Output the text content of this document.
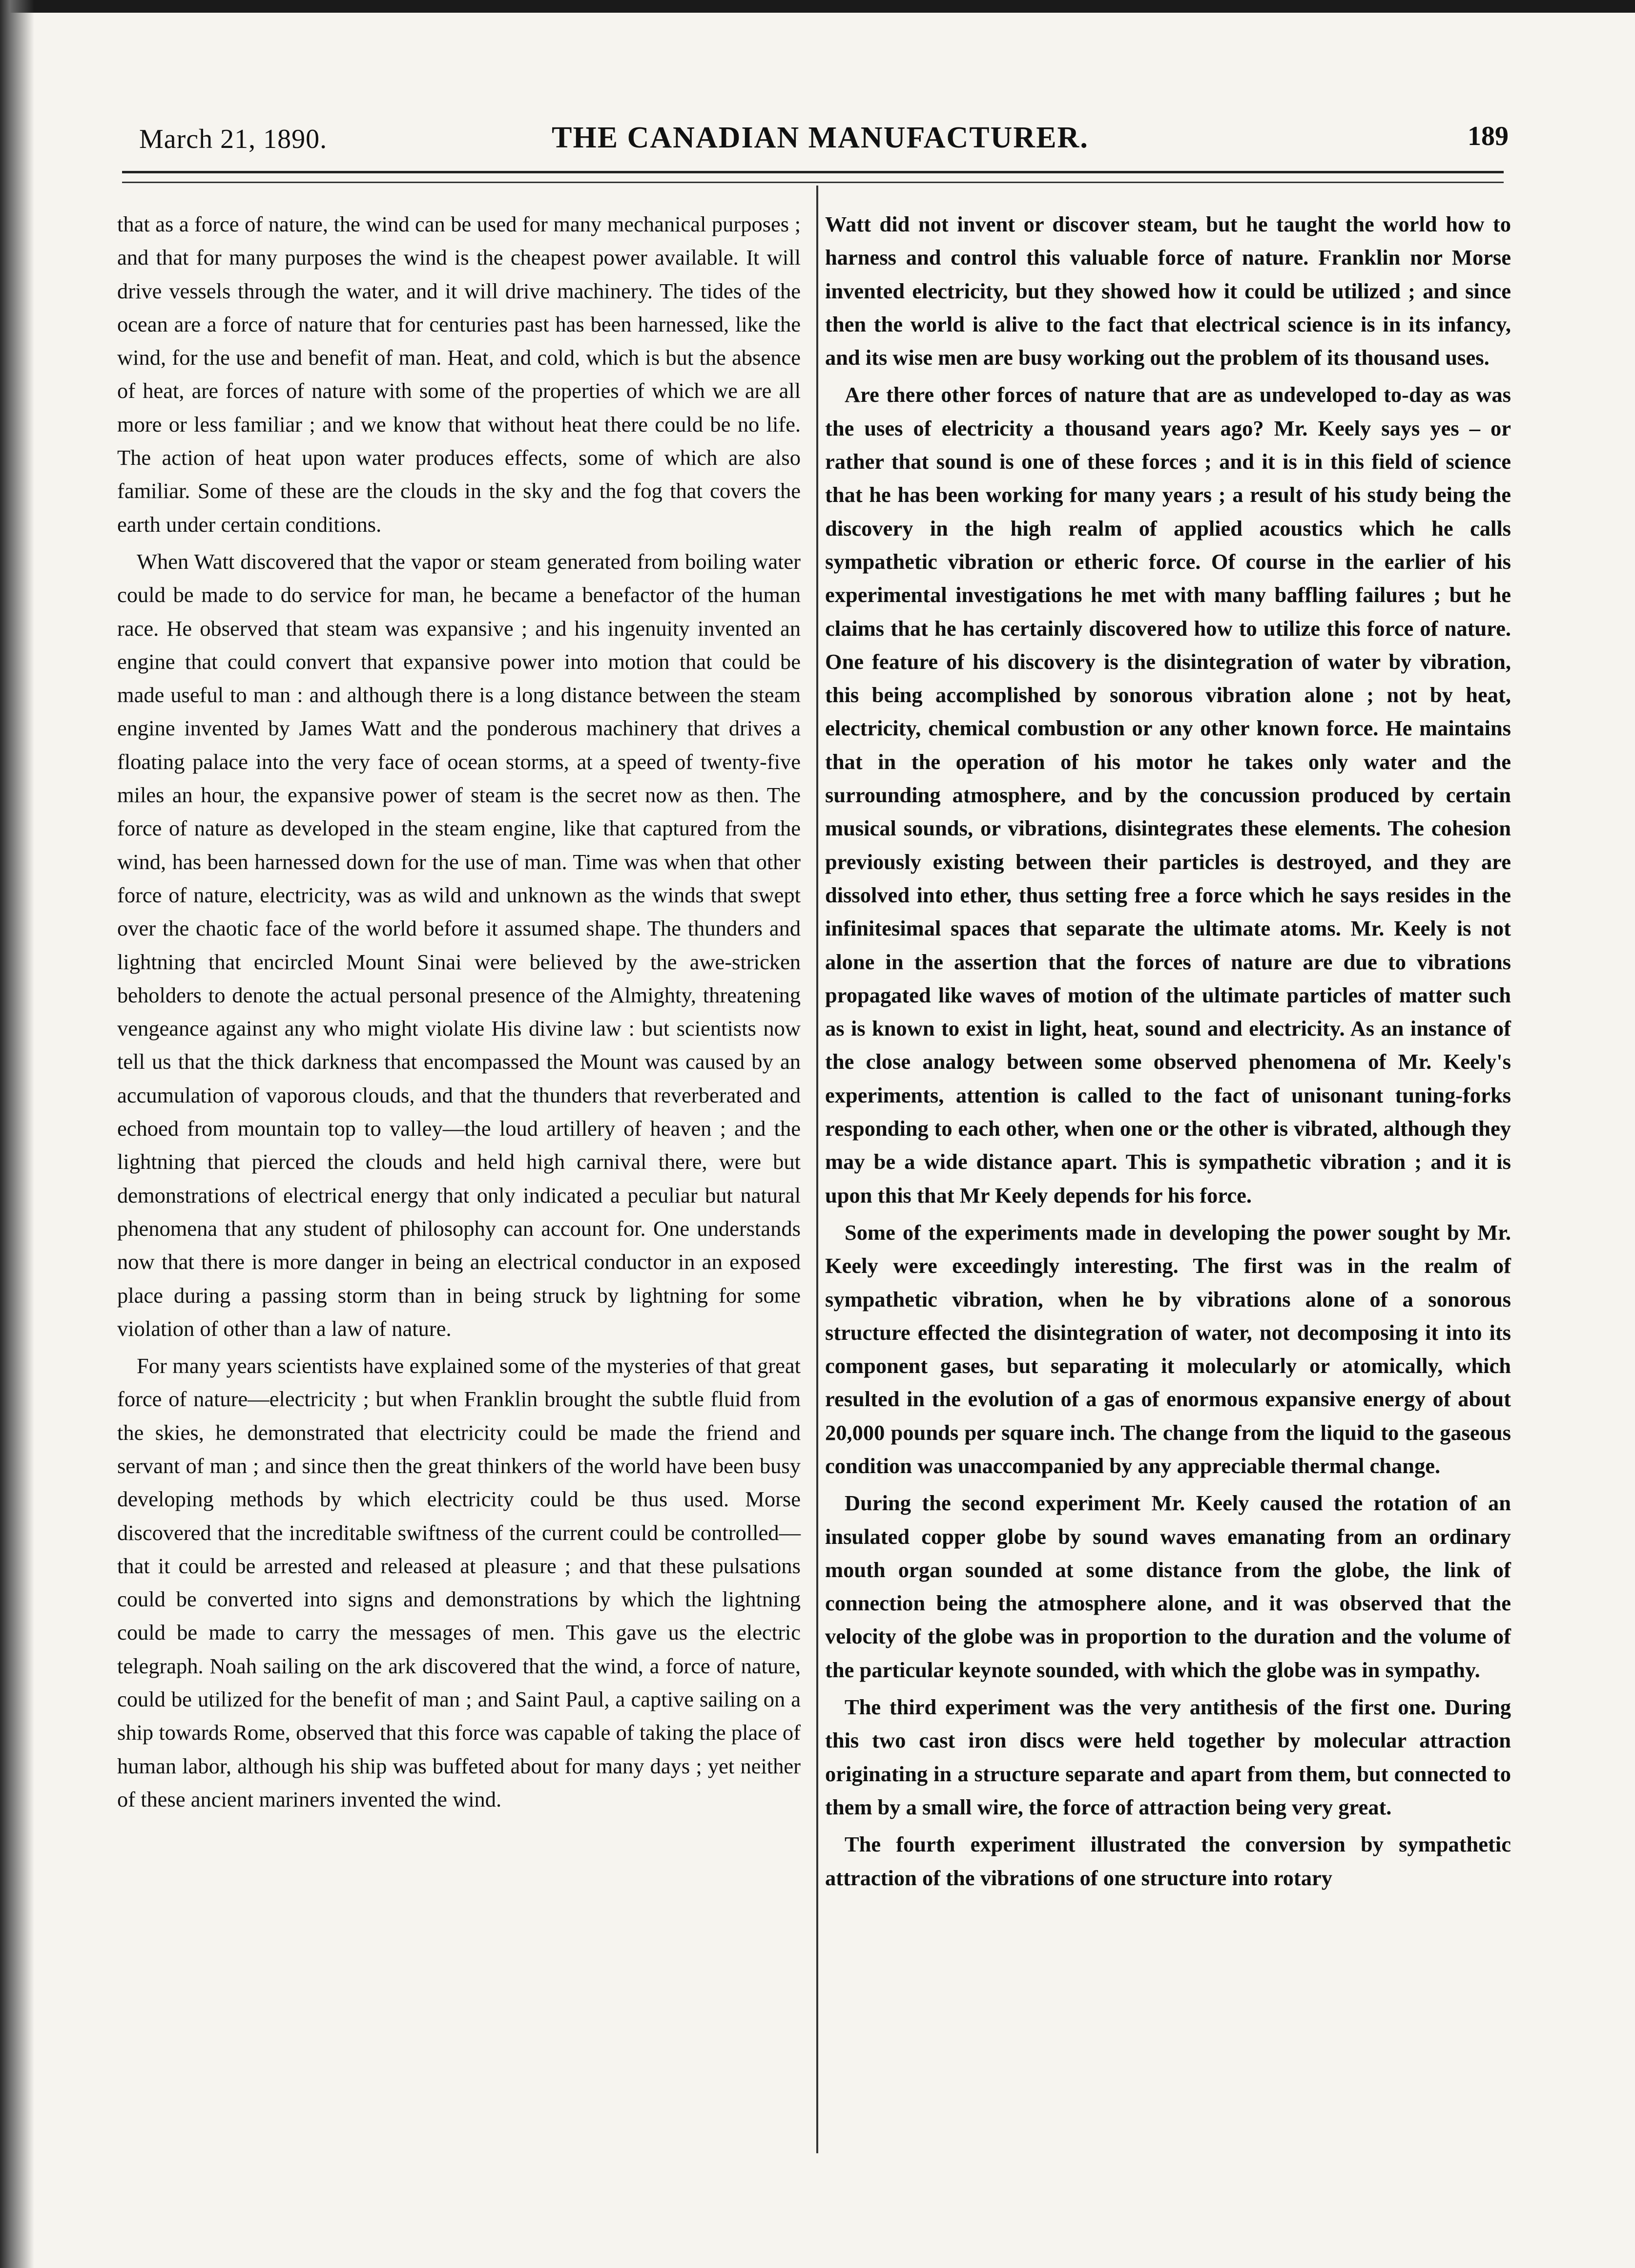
March 21, 1890.	THE CANADIAN MANUFACTURER.	189

that as a force of nature, the wind can be used for many mechanical purposes ; and that for many purposes the wind is the cheapest power available. It will drive vessels through the water, and it will drive machinery. The tides of the ocean are a force of nature that for centuries past has been harnessed, like the wind, for the use and benefit of man. Heat, and cold, which is but the absence of heat, are forces of nature with some of the properties of which we are all more or less familiar ; and we know that without heat there could be no life. The action of heat upon water produces effects, some of which are also familiar. Some of these are the clouds in the sky and the fog that covers the earth under certain conditions.

When Watt discovered that the vapor or steam generated from boiling water could be made to do service for man, he became a benefactor of the human race. He observed that steam was expansive ; and his ingenuity invented an engine that could convert that expansive power into motion that could be made useful to man : and although there is a long distance between the steam engine invented by James Watt and the ponderous machinery that drives a floating palace into the very face of ocean storms, at a speed of twenty-five miles an hour, the expansive power of steam is the secret now as then. The force of nature as developed in the steam engine, like that captured from the wind, has been harnessed down for the use of man. Time was when that other force of nature, electricity, was as wild and unknown as the winds that swept over the chaotic face of the world before it assumed shape. The thunders and lightning that encircled Mount Sinai were believed by the awe-stricken beholders to denote the actual personal presence of the Almighty, threatening vengeance against any who might violate His divine law : but scientists now tell us that the thick darkness that encompassed the Mount was caused by an accumulation of vaporous clouds, and that the thunders that reverberated and echoed from mountain top to valley—the loud artillery of heaven ; and the lightning that pierced the clouds and held high carnival there, were but demonstrations of electrical energy that only indicated a peculiar but natural phenomena that any student of philosophy can account for. One understands now that there is more danger in being an electrical conductor in an exposed place during a passing storm than in being struck by lightning for some violation of other than a law of nature.

For many years scientists have explained some of the mysteries of that great force of nature—electricity ; but when Franklin brought the subtle fluid from the skies, he demonstrated that electricity could be made the friend and servant of man ; and since then the great thinkers of the world have been busy developing methods by which electricity could be thus used. Morse discovered that the increditable swiftness of the current could be controlled—that it could be arrested and released at pleasure ; and that these pulsations could be converted into signs and demonstrations by which the lightning could be made to carry the messages of men. This gave us the electric telegraph. Noah sailing on the ark discovered that the wind, a force of nature, could be utilized for the benefit of man ; and Saint Paul, a captive sailing on a ship towards Rome, observed that this force was capable of taking the place of human labor, although his ship was buffeted about for many days ; yet neither of these ancient mariners invented the wind.

Watt did not invent or discover steam, but he taught the world how to harness and control this valuable force of nature. Franklin nor Morse invented electricity, but they showed how it could be utilized ; and since then the world is alive to the fact that electrical science is in its infancy, and its wise men are busy working out the problem of its thousand uses.

Are there other forces of nature that are as undeveloped to-day as was the uses of electricity a thousand years ago? Mr. Keely says yes – or rather that sound is one of these forces ; and it is in this field of science that he has been working for many years ; a result of his study being the discovery in the high realm of applied acoustics which he calls sympathetic vibration or etheric force. Of course in the earlier of his experimental investigations he met with many baffling failures ; but he claims that he has certainly discovered how to utilize this force of nature. One feature of his discovery is the disintegration of water by vibration, this being accomplished by sonorous vibration alone ; not by heat, electricity, chemical combustion or any other known force. He maintains that in the operation of his motor he takes only water and the surrounding atmosphere, and by the concussion produced by certain musical sounds, or vibrations, disintegrates these elements. The cohesion previously existing between their particles is destroyed, and they are dissolved into ether, thus setting free a force which he says resides in the infinitesimal spaces that separate the ultimate atoms. Mr. Keely is not alone in the assertion that the forces of nature are due to vibrations propagated like waves of motion of the ultimate particles of matter such as is known to exist in light, heat, sound and electricity. As an instance of the close analogy between some observed phenomena of Mr. Keely's experiments, attention is called to the fact of unisonant tuning-forks responding to each other, when one or the other is vibrated, although they may be a wide distance apart. This is sympathetic vibration ; and it is upon this that Mr Keely depends for his force.

Some of the experiments made in developing the power sought by Mr. Keely were exceedingly interesting. The first was in the realm of sympathetic vibration, when he by vibrations alone of a sonorous structure effected the disintegration of water, not decomposing it into its component gases, but separating it molecularly or atomically, which resulted in the evolution of a gas of enormous expansive energy of about 20,000 pounds per square inch. The change from the liquid to the gaseous condition was unaccompanied by any appreciable thermal change.

During the second experiment Mr. Keely caused the rotation of an insulated copper globe by sound waves emanating from an ordinary mouth organ sounded at some distance from the globe, the link of connection being the atmosphere alone, and it was observed that the velocity of the globe was in proportion to the duration and the volume of the particular keynote sounded, with which the globe was in sympathy.

The third experiment was the very antithesis of the first one. During this two cast iron discs were held together by molecular attraction originating in a structure separate and apart from them, but connected to them by a small wire, the force of attraction being very great.

The fourth experiment illustrated the conversion by sympathetic attraction of the vibrations of one structure into rotary
